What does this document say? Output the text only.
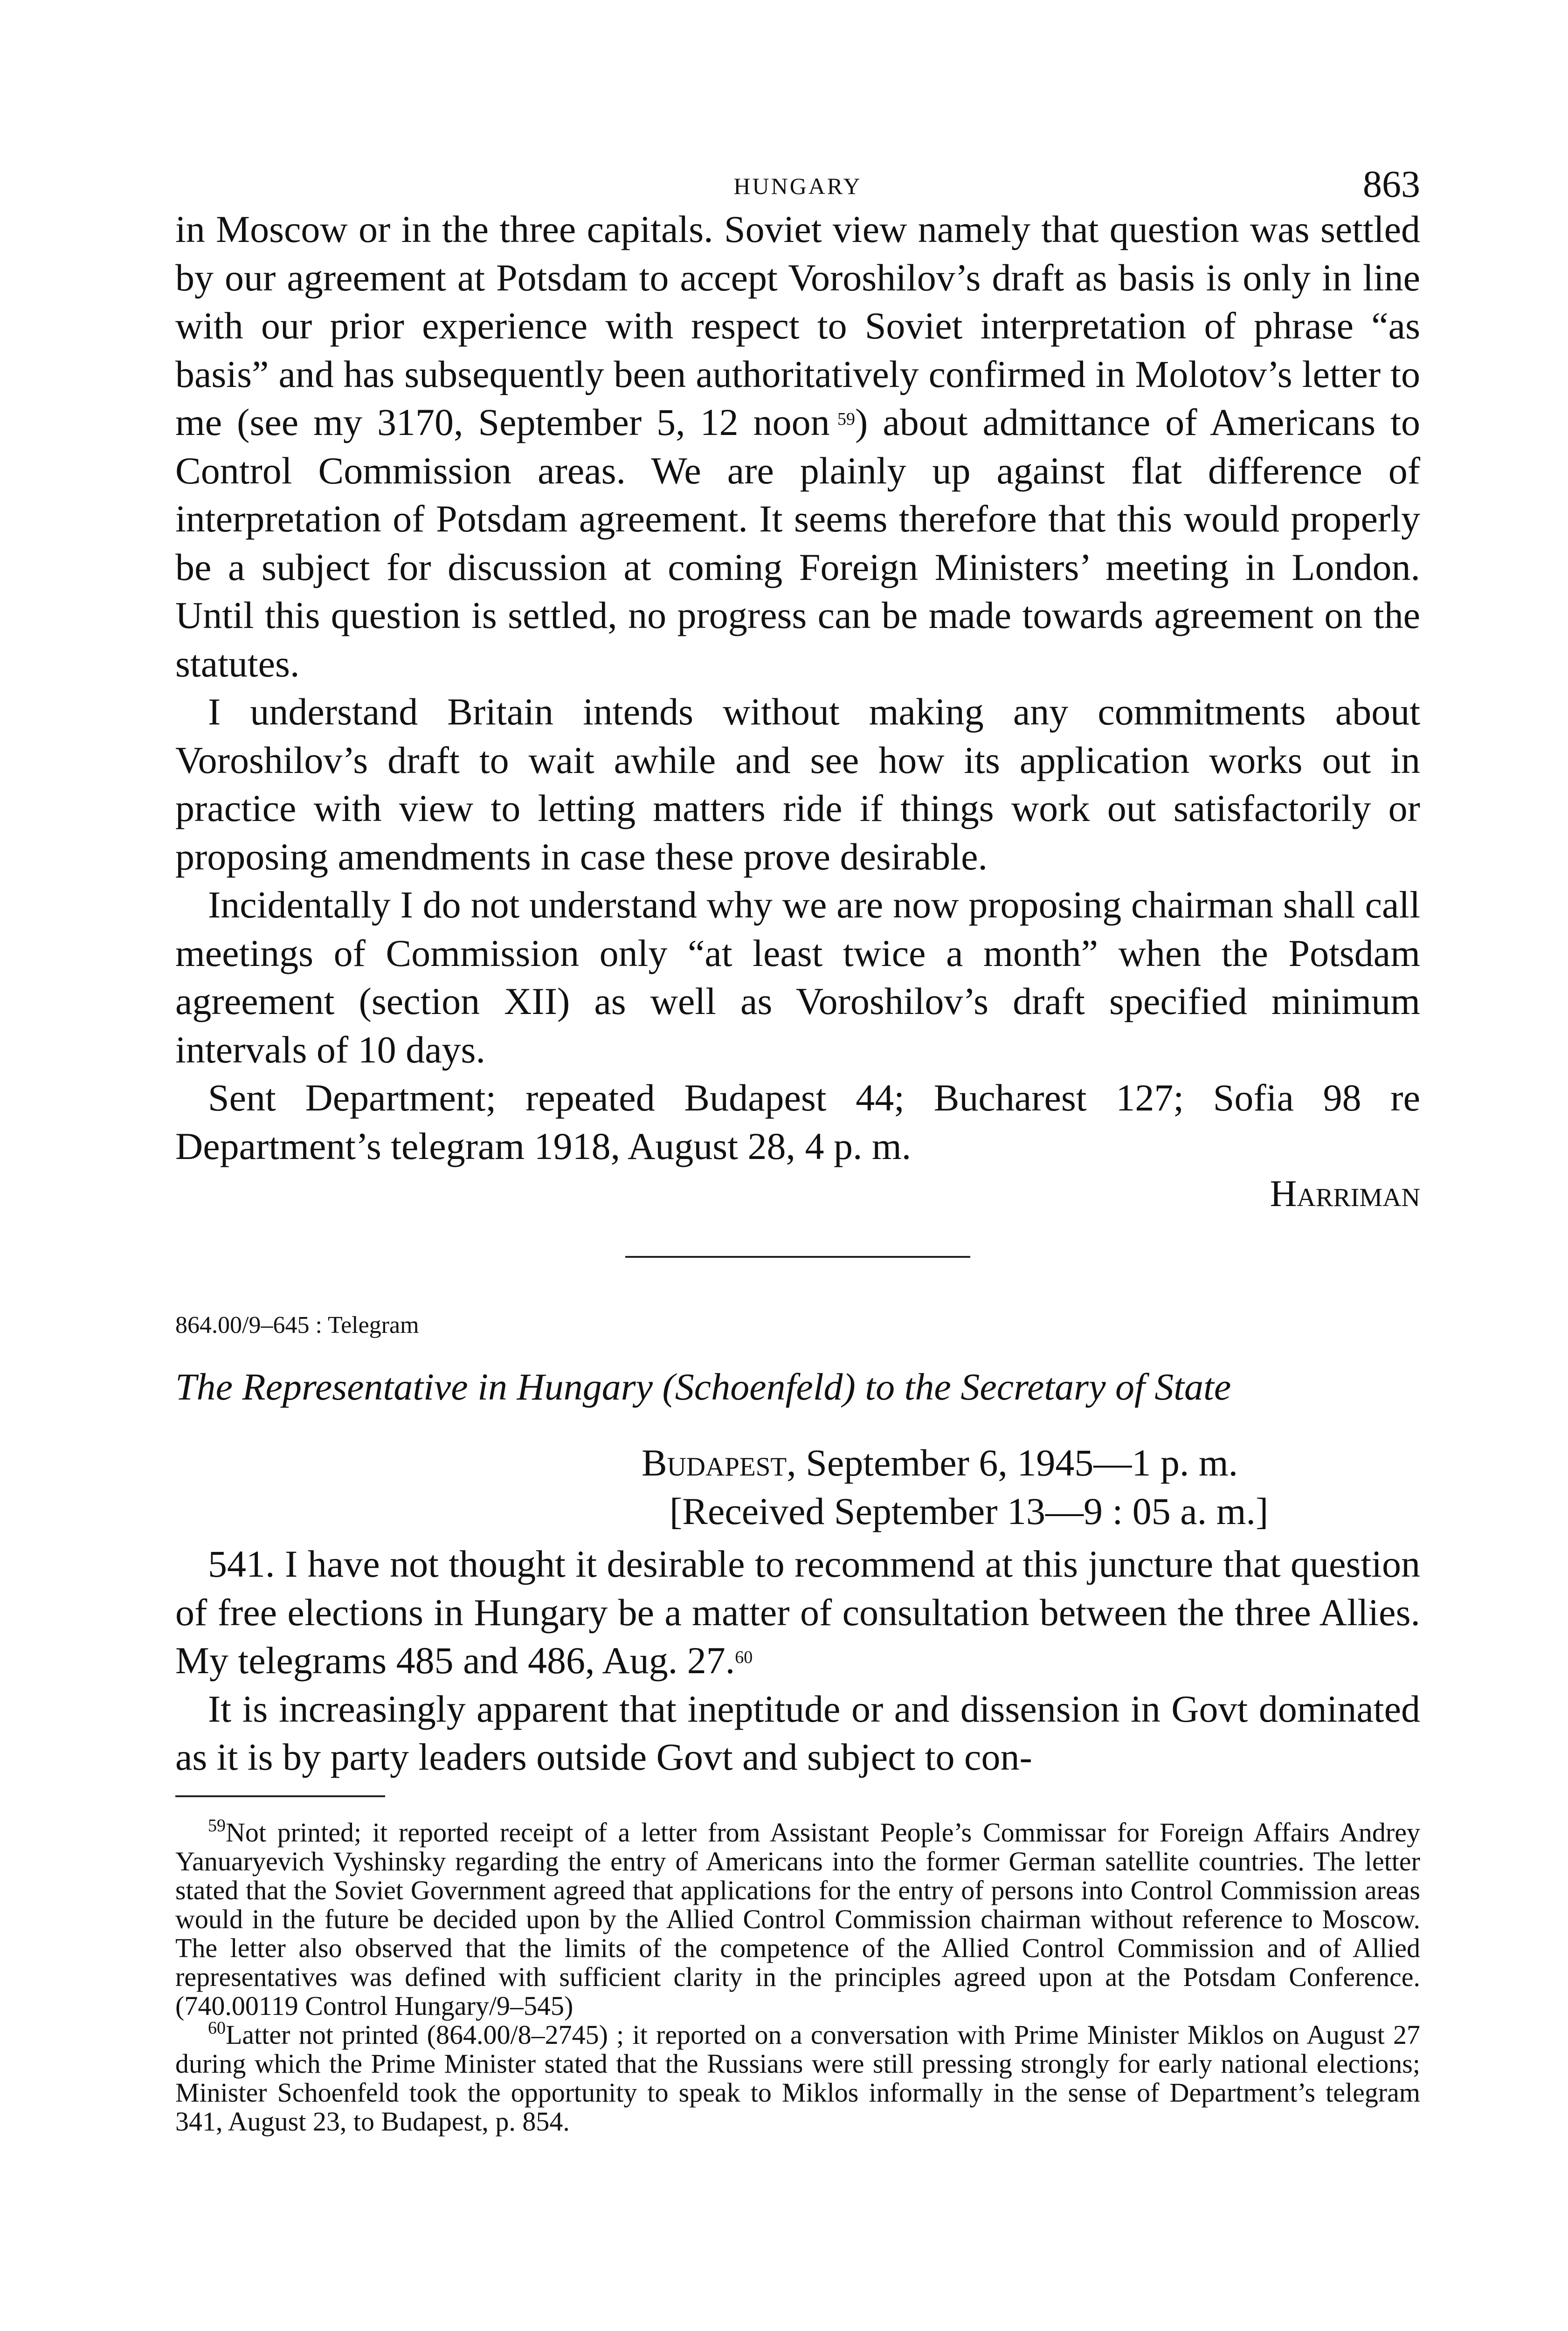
HUNGARY	863

in Moscow or in the three capitals. Soviet view namely that question was settled by our agreement at Potsdam to accept Voroshilov’s draft as basis is only in line with our prior experience with respect to Soviet interpretation of phrase “as basis” and has subsequently been authoritatively confirmed in Molotov’s letter to me (see my 3170, September 5, 12 noon  $^{59}$) about admittance of Americans to Control Commission areas. We are plainly up against flat difference of interpretation of Potsdam agreement. It seems therefore that this would properly be a subject for discussion at coming Foreign Ministers’ meeting in London. Until this question is settled, no progress can be made towards agreement on the statutes.

I understand Britain intends without making any commitments about Voroshilov’s draft to wait awhile and see how its application works out in practice with view to letting matters ride if things work out satisfactorily or proposing amendments in case these prove desirable.

Incidentally I do not understand why we are now proposing chairman shall call meetings of Commission only “at least twice a month” when the Potsdam agreement (section XII) as well as Voroshilov’s draft specified minimum intervals of 10 days.

Sent Department; repeated Budapest 44; Bucharest 127; Sofia 98 re Department’s telegram 1918, August 28, 4 p. m.

Harriman

864.00/9–645 : Telegram

The Representative in Hungary (Schoenfeld) to the Secretary of State

Budapest, September 6, 1945—1 p. m.

[Received September 13—9 : 05 a. m.]

541. I have not thought it desirable to recommend at this juncture that question of free elections in Hungary be a matter of consultation between the three Allies. My telegrams 485 and 486, Aug. 27.60

It is increasingly apparent that ineptitude or and dissension in Govt dominated as it is by party leaders outside Govt and subject to con-

$^{59}$Not printed; it reported receipt of a letter from Assistant People’s Commissar for Foreign Affairs Andrey Yanuaryevich Vyshinsky regarding the entry of Americans into the former German satellite countries. The letter stated that the Soviet Government agreed that applications for the entry of persons into Control Commission areas would in the future be decided upon by the Allied Control Commission chairman without reference to Moscow. The letter also observed that the limits of the competence of the Allied Control Commission and of Allied representatives was defined with sufficient clarity in the principles agreed upon at the Potsdam Conference. (740.00119 Control Hungary/9–545)

$^{60}$Latter not printed (864.00/8–2745) ; it reported on a conversation with Prime Minister Miklos on August 27 during which the Prime Minister stated that the Russians were still pressing strongly for early national elections; Minister Schoenfeld took the opportunity to speak to Miklos informally in the sense of Department’s telegram 341, August 23, to Budapest, p. 854.
